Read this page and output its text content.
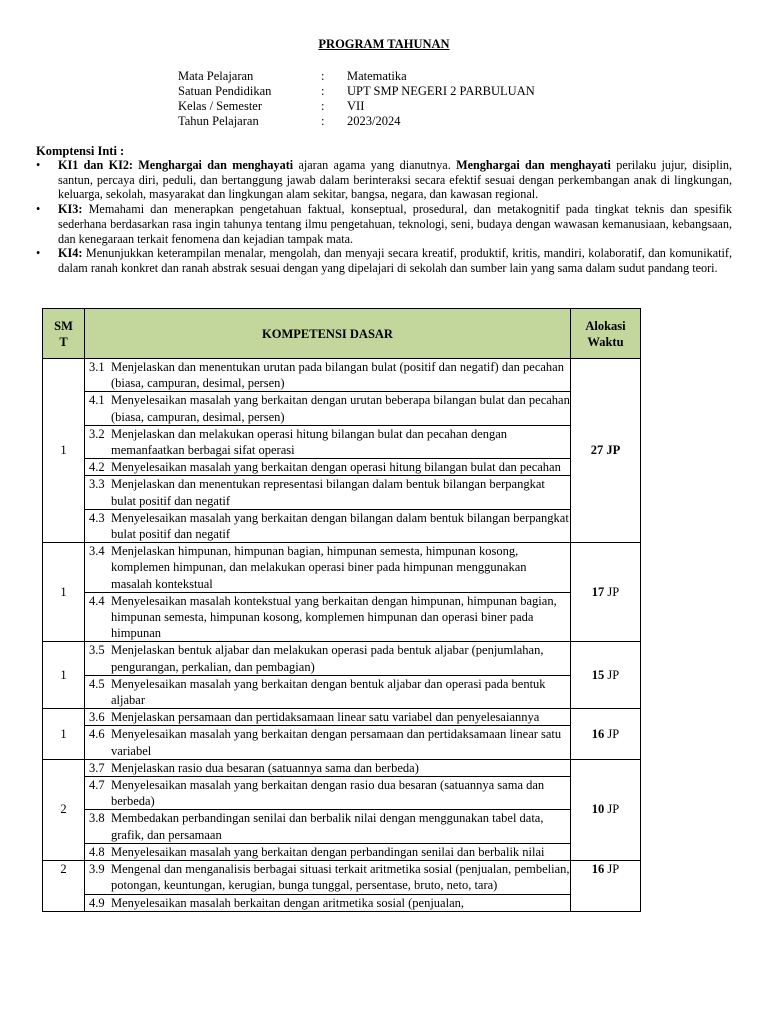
PROGRAM TAHUNAN
Mata Pelajaran	:	Matematika
Satuan Pendidikan	:	UPT SMP NEGERI 2 PARBULUAN
Kelas / Semester	:	VII
Tahun Pelajaran	:	2023/2024
Komptensi Inti :
• KI1 dan KI2: Menghargai dan menghayati ajaran agama yang dianutnya. Menghargai dan menghayati perilaku jujur, disiplin, santun, percaya diri, peduli, dan bertanggung jawab dalam berinteraksi secara efektif sesuai dengan perkembangan anak di lingkungan, keluarga, sekolah, masyarakat dan lingkungan alam sekitar, bangsa, negara, dan kawasan regional.
• KI3: Memahami dan menerapkan pengetahuan faktual, konseptual, prosedural, dan metakognitif pada tingkat teknis dan spesifik sederhana berdasarkan rasa ingin tahunya tentang ilmu pengetahuan, teknologi, seni, budaya dengan wawasan kemanusiaan, kebangsaan, dan kenegaraan terkait fenomena dan kejadian tampak mata.
• KI4: Menunjukkan keterampilan menalar, mengolah, dan menyaji secara kreatif, produktif, kritis, mandiri, kolaboratif, dan komunikatif, dalam ranah konkret dan ranah abstrak sesuai dengan yang dipelajari di sekolah dan sumber lain yang sama dalam sudut pandang teori.
SM T	KOMPETENSI DASAR	Alokasi Waktu

1	3.1 Menjelaskan dan menentukan urutan pada bilangan bulat (positif dan negatif) dan pecahan (biasa, campuran, desimal, persen)	27 JP

	4.1 Menyelesaikan masalah yang berkaitan dengan urutan beberapa bilangan bulat dan pecahan (biasa, campuran, desimal, persen)	

	3.2 Menjelaskan dan melakukan operasi hitung bilangan bulat dan pecahan dengan memanfaatkan berbagai sifat operasi	

	4.2 Menyelesaikan masalah yang berkaitan dengan operasi hitung bilangan bulat dan pecahan	

	3.3 Menjelaskan dan menentukan representasi bilangan dalam bentuk bilangan berpangkat bulat positif dan negatif	

	4.3 Menyelesaikan masalah yang berkaitan dengan bilangan dalam bentuk bilangan berpangkat bulat positif dan negatif	

1	3.4 Menjelaskan himpunan, himpunan bagian, himpunan semesta, himpunan kosong, komplemen himpunan, dan melakukan operasi biner pada himpunan menggunakan masalah kontekstual	17 JP

	4.4 Menyelesaikan masalah kontekstual yang berkaitan dengan himpunan, himpunan bagian, himpunan semesta, himpunan kosong, komplemen himpunan dan operasi biner pada himpunan	

1	3.5 Menjelaskan bentuk aljabar dan melakukan operasi pada bentuk aljabar (penjumlahan, pengurangan, perkalian, dan pembagian)	15 JP

	4.5 Menyelesaikan masalah yang berkaitan dengan bentuk aljabar dan operasi pada bentuk aljabar	

1	3.6 Menjelaskan persamaan dan pertidaksamaan linear satu variabel dan penyelesaiannya	16 JP

	4.6 Menyelesaikan masalah yang berkaitan dengan persamaan dan pertidaksamaan linear satu variabel	

2	3.7 Menjelaskan rasio dua besaran (satuannya sama dan berbeda)	10 JP

	4.7 Menyelesaikan masalah yang berkaitan dengan rasio dua besaran (satuannya sama dan berbeda)	

	3.8 Membedakan perbandingan senilai dan berbalik nilai dengan menggunakan tabel data, grafik, dan persamaan	

	4.8 Menyelesaikan masalah yang berkaitan dengan perbandingan senilai dan berbalik nilai	

2	3.9 Mengenal dan menganalisis berbagai situasi terkait aritmetika sosial (penjualan, pembelian, potongan, keuntungan, kerugian, bunga tunggal, persentase, bruto, neto, tara)	16 JP

	4.9 Menyelesaikan masalah berkaitan dengan aritmetika sosial (penjualan,	
